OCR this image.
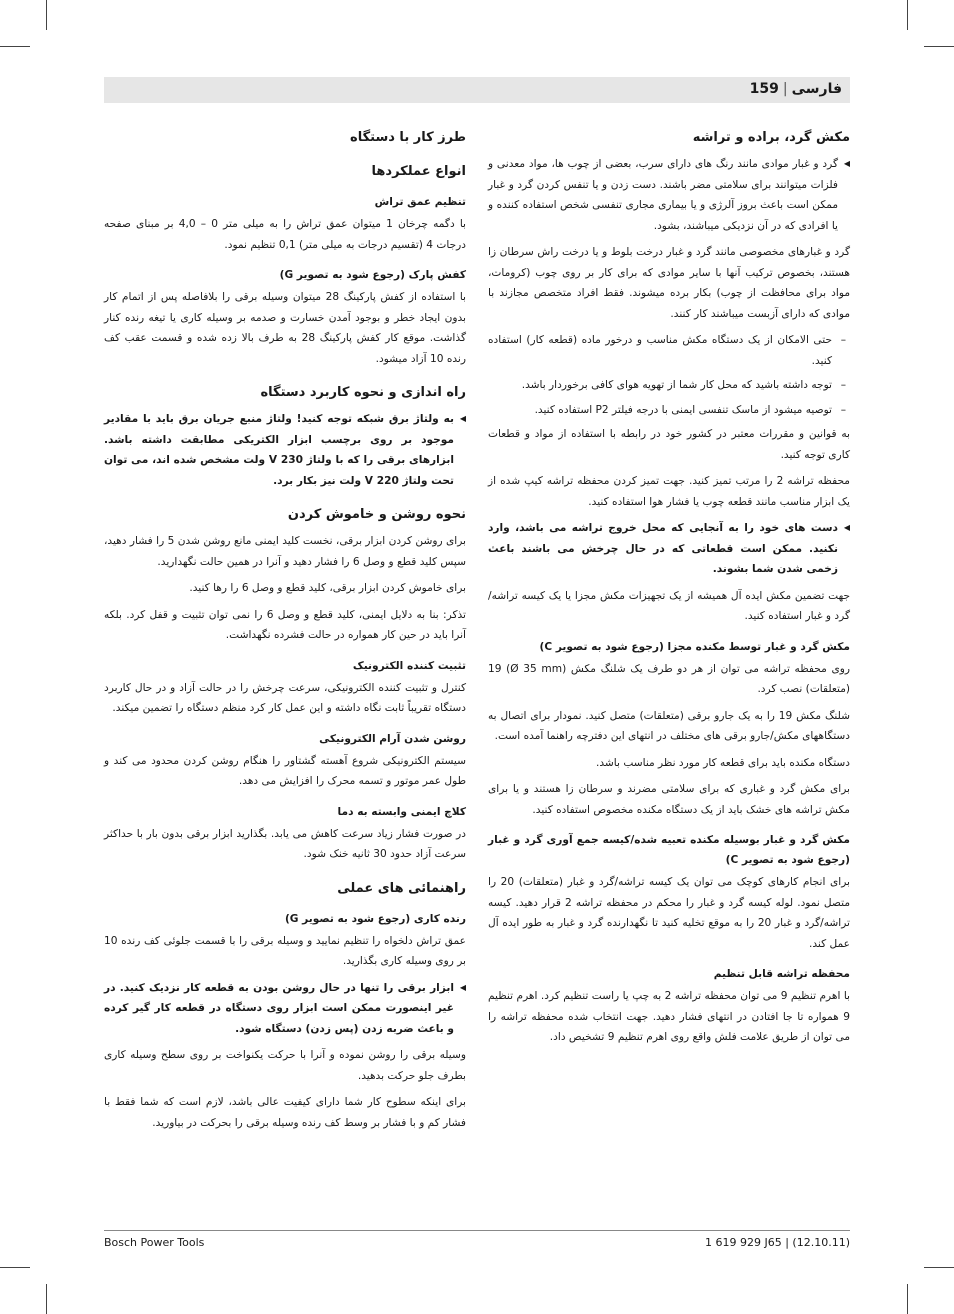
فارسی|159
مکش گرد، براده و تراشه
◀ گرد و غبار موادی مانند رنگ های دارای سرب، بعضی از چوب ها، مواد معدنی و فلزات میتوانند برای سلامتی مضر باشند. دست زدن و یا تنفس کردن گرد و غبار ممکن است باعث بروز آلرژی و یا بیماری مجاری تنفسی شخص استفاده کننده و یا افرادی که در آن نزدیکی میباشند، بشود.
گرد و غبارهای مخصوصی مانند گرد و غبار درخت بلوط و یا درخت راش سرطان زا هستند، بخصوص ترکیب آنها با سایر موادی که برای کار بر روی چوب (کرومات، مواد برای محافظت از چوب) بکار برده میشوند. فقط افراد متخصص مجازند با موادی که دارای آزبست میباشند کار کنند.
– حتی الامکان از یک دستگاه مکش مناسب و درخور ماده (قطعه کار) استفاده کنید.
– توجه داشته باشید که محل کار شما از تهویه هوای کافی برخوردار باشد.
– توصیه میشود از ماسک تنفسی ایمنی با درجه فیلتر P2 استفاده کنید.
به قوانین و مقررات معتبر در کشور خود در رابطه با استفاده از مواد و قطعات کاری توجه کنید.
محفظه تراشه 2 را مرتب تمیز کنید. جهت تمیز کردن محفظه تراشه کیپ شده از یک ابزار مناسب مانند قطعه چوب یا فشار هوا استفاده کنید.
◀ دست های خود را به آنجایی که محل خروج تراشه می باشد، وارد نکنید. ممکن است قطعاتی که در حال چرخش می باشند باعث زخمی شدن شما بشوند.
جهت تضمین مکش ایده آل همیشه از یک تجهیزات مکش مجزا یا یک کیسه تراشه/گرد و غبار استفاده کنید.
مکش گرد و غبار توسط مکنده مجزا (رجوع شود به تصویر C)
روی محفظه تراشه می توان از هر دو طرف یک شلنگ مکش (Ø 35 mm) 19 (متعلقات) نصب کرد.
شلنگ مکش 19 را به یک جارو برقی (متعلقات) متصل کنید. نمودار برای اتصال به دستگاههای مکش/جارو برقی های مختلف در انتهای این دفترچه راهنما آمده است.
دستگاه مکنده باید برای قطعه کار مورد نظر مناسب باشد.
برای مکش گرد و غباری که برای سلامتی مضرند و سرطان زا هستند و یا برای مکش تراشه های خشک باید از یک دستگاه مکنده مخصوص استفاده کنید.
مکش گرد و غبار بوسیله مکنده تعبیه شده/کیسه جمع آوری گرد و غبار (رجوع شود به تصویر C)
برای انجام کارهای کوچک می توان یک کیسه تراشه/گرد و غبار (متعلقات) 20 را متصل نمود. لوله کیسه گرد و غبار را محکم در محفظه تراشه 2 قرار دهید. کیسه تراشه/گرد و غبار 20 را به موقع تخلیه کنید تا نگهدارنده گرد و غبار به طور ایده آل عمل کند.
محفظه تراشه قابل تنظیم
با اهرم تنظیم 9 می توان محفظه تراشه 2 به چپ یا راست تنظیم کرد. اهرم تنظیم 9 همواره تا جا افتادن در انتهای فشار دهید. جهت انتخاب شده محفظه تراشه را می توان از طریق علامت فلش واقع روی اهرم تنظیم 9 تشخیص داد.
طرز کار با دستگاه
انواع عملکردها
تنظیم عمق تراش
با دگمه چرخان 1 میتوان عمق تراش را به میلی متر 0 – 4,0 بر مبنای صفحه درجات 4 (تقسیم درجات به میلی متر) 0,1 تنظیم نمود.
کفش پارک (رجوع شود به تصویر G)
با استفاده از کفش پارکینگ 28 میتوان وسیله برقی را بلافاصله پس از اتمام کار بدون ایجاد خطر و بوجود آمدن خسارت و صدمه بر وسیله کاری یا تیغه رنده کنار گذاشت. موقع کار کفش پارکینگ 28 به طرف بالا زده شده و قسمت عقب کف رنده 10 آزاد میشود.
راه اندازی و نحوه کاربرد دستگاه
◀ به ولتاژ برق شبکه توجه کنید! ولتاژ منبع جریان برق باید با مقادیر موجود بر روی برچسب ابزار الکتریکی مطابقت داشته باشد. ابزارهای برقی را که با ولتاژ 230 V ولت مشخص شده اند، می توان تحت ولتاژ 220 V ولت نیز بکار برد.
نحوه روشن و خاموش کردن
برای روشن کردن ابزار برقی، نخست کلید ایمنی مانع روشن شدن 5 را فشار دهید، سپس کلید قطع و وصل 6 را فشار دهید و آنرا در همین حالت نگهدارید.
برای خاموش کردن ابزار برقی، کلید قطع و وصل 6 را رها کنید.
تذکر: بنا به دلایل ایمنی، کلید قطع و وصل 6 را نمی توان تثبیت و قفل کرد. بلکه آنرا باید در حین کار همواره در حالت فشرده نگهداشت.
تثبیت کننده الکترونیک
کنترل و تثبیت کننده الکترونیکی، سرعت چرخش را در حالت آزاد و در حال کاربرد دستگاه تقریباً ثابت نگاه داشته و این عمل کار کرد منظم دستگاه را تضمین میکند.
روشن شدن آرام الکترونیکی
سیستم الکترونیکی شروع آهسته گشتاور را هنگام روشن کردن محدود می کند و طول عمر موتور و تسمه محرک را افزایش می دهد.
کلاچ ایمنی وابسته به دما
در صورت فشار زیاد سرعت کاهش می یابد. بگذارید ابزار برقی بدون بار با حداکثر سرعت آزاد حدود 30 ثانیه خنک شود.
راهنمائی های عملی
رنده کاری (رجوع شود به تصویر G)
عمق تراش دلخواه را تنظیم نمایید و وسیله برقی را با قسمت جلوئی کف رنده 10 بر روی وسیله کاری بگذارید.
◀ ابزار برقی را تنها در حال روشن بودن به قطعه کار نزدیک کنید. در غیر اینصورت ممکن است ابزار روی دستگاه در قطعه کار گیر کرده و باعث ضربه زدن (پس زدن) دستگاه شود.
وسیله برقی را روشن نموده و آنرا با حرکت یکنواخت بر روی سطح وسیله کاری بطرف جلو حرکت بدهید.
برای اینکه سطوح کار شما دارای کیفیت عالی باشد، لازم است که شما فقط با فشار کم و با فشار بر وسط کف رنده وسیله برقی را بحرکت در بیاورید.
Bosch Power Tools	1 619 929 J65 | (12.10.11)
